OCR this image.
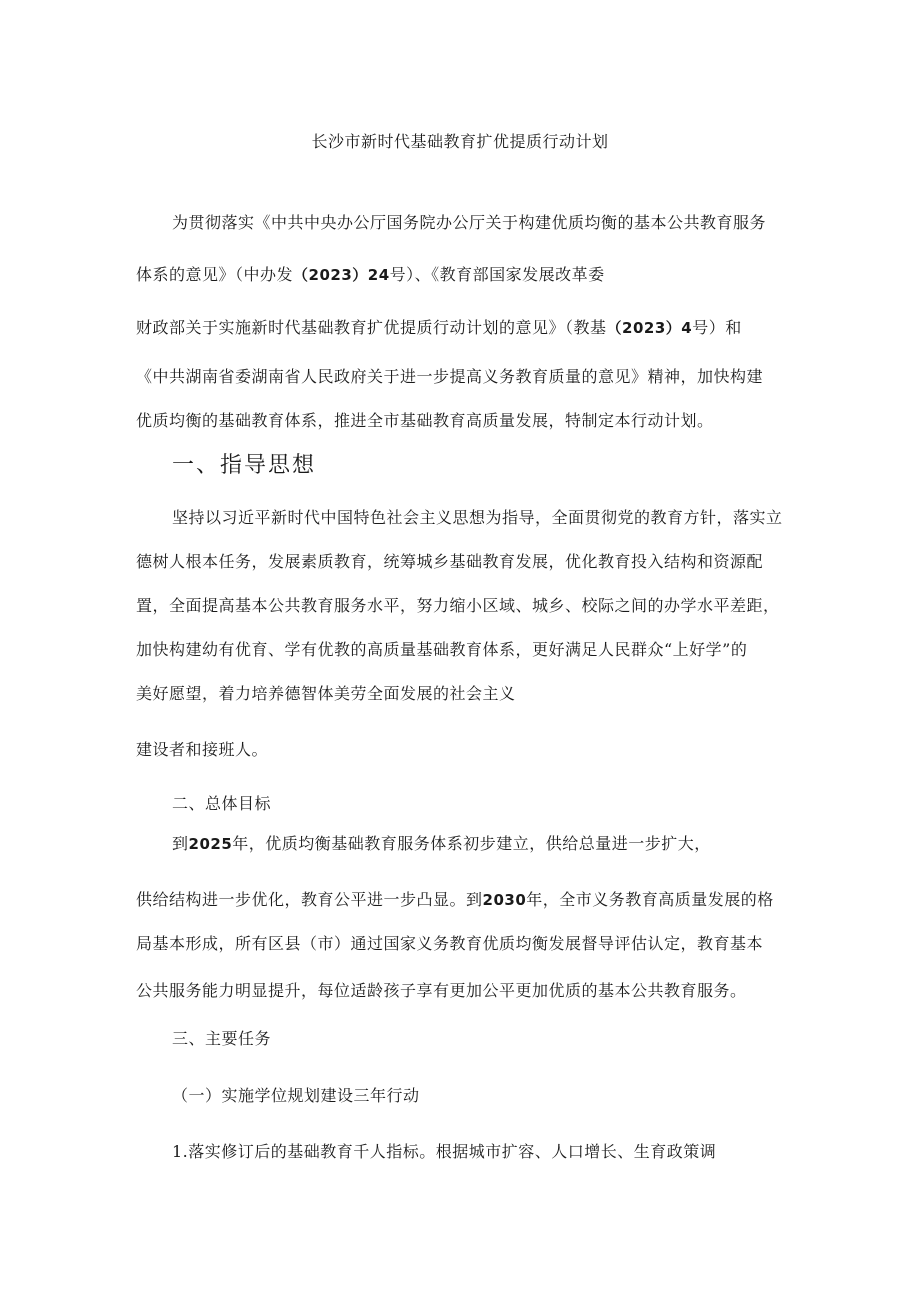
长沙市新时代基础教育扩优提质行动计划
为贯彻落实《中共中央办公厅国务院办公厅关于构建优质均衡的基本公共教育服务
体系的意见》（中办发（2023）24号）、《教育部国家发展改革委
财政部关于实施新时代基础教育扩优提质行动计划的意见》（教基（2023）4号）和
《中共湖南省委湖南省人民政府关于进一步提高义务教育质量的意见》精神，加快构建
优质均衡的基础教育体系，推进全市基础教育高质量发展，特制定本行动计划。
一、指导思想
坚持以习近平新时代中国特色社会主义思想为指导，全面贯彻党的教育方针，落实立
德树人根本任务，发展素质教育，统筹城乡基础教育发展，优化教育投入结构和资源配
置，全面提高基本公共教育服务水平，努力缩小区域、城乡、校际之间的办学水平差距，
加快构建幼有优育、学有优教的高质量基础教育体系，更好满足人民群众“上好学”的
美好愿望，着力培养德智体美劳全面发展的社会主义
建设者和接班人。
二、总体目标
到2025年，优质均衡基础教育服务体系初步建立，供给总量进一步扩大，
供给结构进一步优化，教育公平进一步凸显。到2030年，全市义务教育高质量发展的格
局基本形成，所有区县（市）通过国家义务教育优质均衡发展督导评估认定，教育基本
公共服务能力明显提升，每位适龄孩子享有更加公平更加优质的基本公共教育服务。
三、主要任务
（一）实施学位规划建设三年行动
1.落实修订后的基础教育千人指标。根据城市扩容、人口增长、生育政策调
